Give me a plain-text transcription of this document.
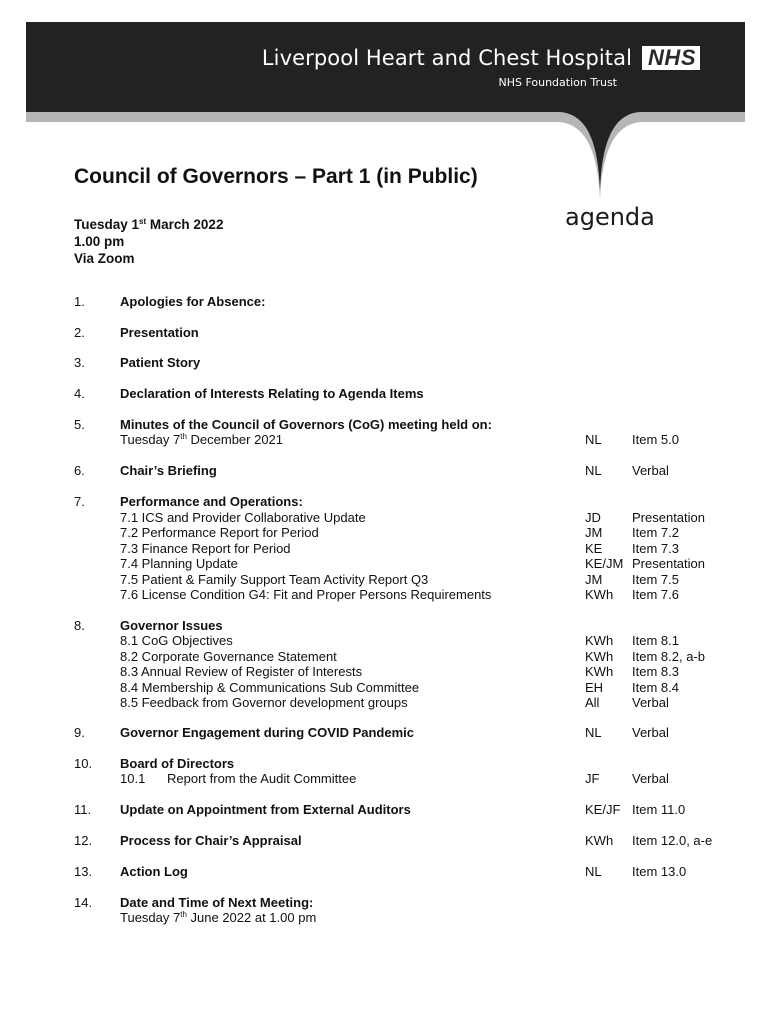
Liverpool Heart and Chest Hospital NHS
NHS Foundation Trust
Council of Governors – Part 1 (in Public)
agenda
Tuesday 1st March 2022
1.00 pm
Via Zoom
1.	Apologies for Absence:
2.	Presentation
3.	Patient Story
4.	Declaration of Interests Relating to Agenda Items
5.	Minutes of the Council of Governors (CoG) meeting held on:
Tuesday 7th December 2021	NL Item 5.0
6.	Chair’s Briefing	NL Verbal
7.	Performance and Operations:
7.1 ICS and Provider Collaborative Update	JD Presentation
7.2 Performance Report for Period	JM Item 7.2
7.3 Finance Report for Period	KE Item 7.3
7.4 Planning Update	KE/JM Presentation
7.5 Patient & Family Support Team Activity Report Q3	JM Item 7.5
7.6 License Condition G4: Fit and Proper Persons Requirements	KWh Item 7.6
8.	Governor Issues
8.1 CoG Objectives	KWh Item 8.1
8.2 Corporate Governance Statement	KWh Item 8.2, a-b
8.3 Annual Review of Register of Interests	KWh Item 8.3
8.4 Membership & Communications Sub Committee	EH Item 8.4
8.5 Feedback from Governor development groups	All	Verbal
9.	Governor Engagement during COVID Pandemic	NL Verbal
10. Board of Directors
10.1 Report from the Audit Committee	JF	Verbal
11. Update on Appointment from External Auditors	KE/JF Item 11.0
12. Process for Chair’s Appraisal	KWh Item 12.0, a-e
13. Action Log	NL Item 13.0
14. Date and Time of Next Meeting:
Tuesday 7th June 2022 at 1.00 pm
